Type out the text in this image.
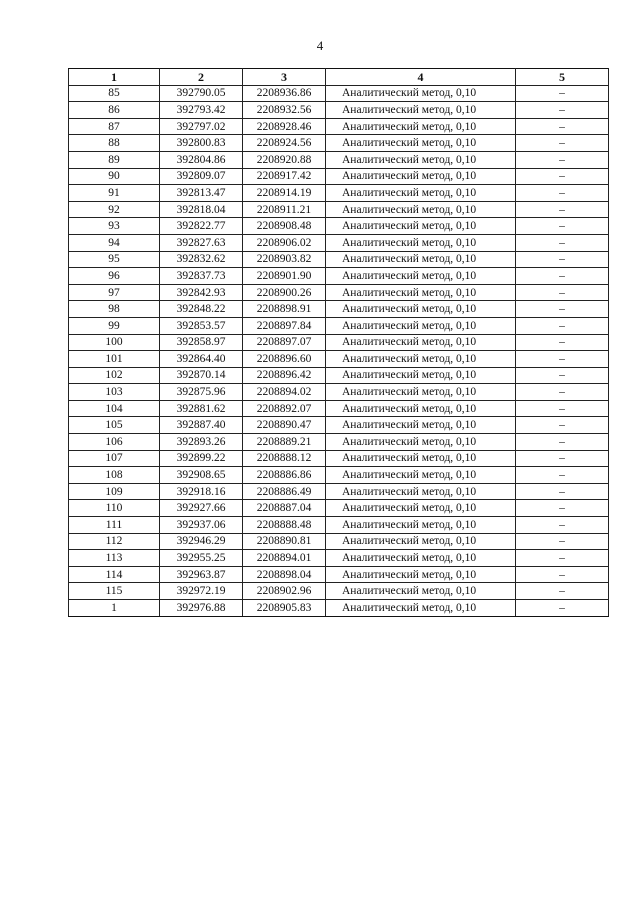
4
1	2	3	4	5
85	392790.05	2208936.86	Аналитический метод, 0,10	–
86	392793.42	2208932.56	Аналитический метод, 0,10	–
87	392797.02	2208928.46	Аналитический метод, 0,10	–
88	392800.83	2208924.56	Аналитический метод, 0,10	–
89	392804.86	2208920.88	Аналитический метод, 0,10	–
90	392809.07	2208917.42	Аналитический метод, 0,10	–
91	392813.47	2208914.19	Аналитический метод, 0,10	–
92	392818.04	2208911.21	Аналитический метод, 0,10	–
93	392822.77	2208908.48	Аналитический метод, 0,10	–
94	392827.63	2208906.02	Аналитический метод, 0,10	–
95	392832.62	2208903.82	Аналитический метод, 0,10	–
96	392837.73	2208901.90	Аналитический метод, 0,10	–
97	392842.93	2208900.26	Аналитический метод, 0,10	–
98	392848.22	2208898.91	Аналитический метод, 0,10	–
99	392853.57	2208897.84	Аналитический метод, 0,10	–
100	392858.97	2208897.07	Аналитический метод, 0,10	–
101	392864.40	2208896.60	Аналитический метод, 0,10	–
102	392870.14	2208896.42	Аналитический метод, 0,10	–
103	392875.96	2208894.02	Аналитический метод, 0,10	–
104	392881.62	2208892.07	Аналитический метод, 0,10	–
105	392887.40	2208890.47	Аналитический метод, 0,10	–
106	392893.26	2208889.21	Аналитический метод, 0,10	–
107	392899.22	2208888.12	Аналитический метод, 0,10	–
108	392908.65	2208886.86	Аналитический метод, 0,10	–
109	392918.16	2208886.49	Аналитический метод, 0,10	–
110	392927.66	2208887.04	Аналитический метод, 0,10	–
111	392937.06	2208888.48	Аналитический метод, 0,10	–
112	392946.29	2208890.81	Аналитический метод, 0,10	–
113	392955.25	2208894.01	Аналитический метод, 0,10	–
114	392963.87	2208898.04	Аналитический метод, 0,10	–
115	392972.19	2208902.96	Аналитический метод, 0,10	–
1	392976.88	2208905.83	Аналитический метод, 0,10	–
